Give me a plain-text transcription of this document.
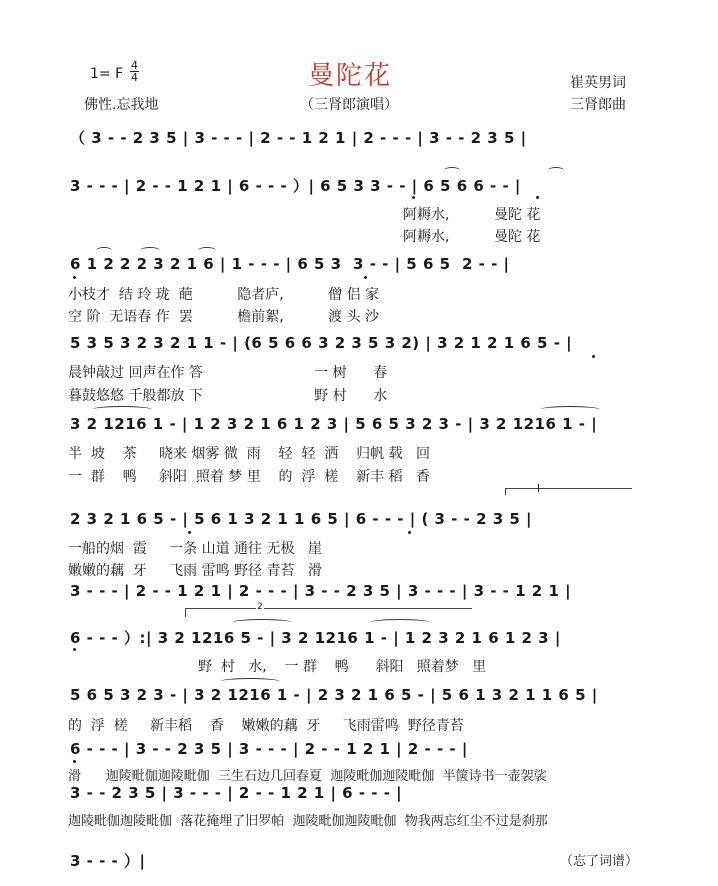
曼陀花
1= F
4
4
佛性.忘我地	（三肾郎演唱）
崔英男词
三肾郎曲
（ 3 - - 2 3 5 | 3 - - - | 2 - - 1 2 1 | 2 - - - | 3 - - 2 3 5 |
3 - - - | 2 - - 1 2 1 | 6 - - - ）| 6 5 3 3 - - | 6 5 6 6 - - |
阿耨水,          曼陀 花
阿耨水,          曼陀 花
6 1 2 2 2 3 2 1 6 | 1 - - - | 6 5 3  3 - - | 5 6 5  2 - - |
小枝才  结 玲 珑  葩          隐者庐,          僧 侣 家
空 阶  无语春 作  罢          檐前絮,          渡 头 沙
5 3 5 3 2 3 2 1 1 - | (6 5 6 6 3 2 3 5 3 2) | 3 2 1 2 1 6 5 - |
晨钟敲过 回声在作 答                         一 树      春
暮鼓悠悠 千般都放 下                         野 村      水
3 2 1216 1 - | 1 2 3 2 1 6 1 2 3 | 5 6 5 3 2 3 - | 3 2 1216 1 - |
半  坡    茶     晓来 烟雾 微  雨    轻  轻  洒    归帆 载   回
一  群    鸭     斜阳  照着 梦 里    的  浮  槎    新丰 稻   香
2 3 2 1 6 5 - | 5 6 1 3 2 1 1 6 5 | 6 - - - | ( 3 - - 2 3 5 |
一船的烟  霞     一条 山道 通往 无极   崖
嫩嫩的藕  牙     飞雨 雷鸣 野径 青苔   滑
3 - - - | 2 - - 1 2 1 | 2 - - - | 3 - - 2 3 5 | 3 - - - | 3 - - 1 2 1 |
2
6 - - - ）:| 3 2 1216 5 - | 3 2 1216 1 - | 1 2 3 2 1 6 1 2 3 |
野  村   水,    一 群    鸭      斜阳   照着梦   里
5 6 5 3 2 3 - | 3 2 1216 1 - | 2 3 2 1 6 5 - | 5 6 1 3 2 1 1 6 5 |
的  浮  槎     新丰稻    香    嫩嫩的藕  牙     飞雨雷鸣  野径青苔
6 - - - | 3 - - 2 3 5 | 3 - - - | 2 - - 1 2 1 | 2 - - - |
滑      迦陵毗伽迦陵毗伽  三生石边几回春夏  迦陵毗伽迦陵毗伽  半箧诗书一壶袈裟
3 - - 2 3 5 | 3 - - - | 2 - - 1 2 1 | 6 - - - |
迦陵毗伽迦陵毗伽  落花掩埋了旧罗帕  迦陵毗伽迦陵毗伽  物我两忘红尘不过是刹那
3 - - - ）|	（忘了词谱）
